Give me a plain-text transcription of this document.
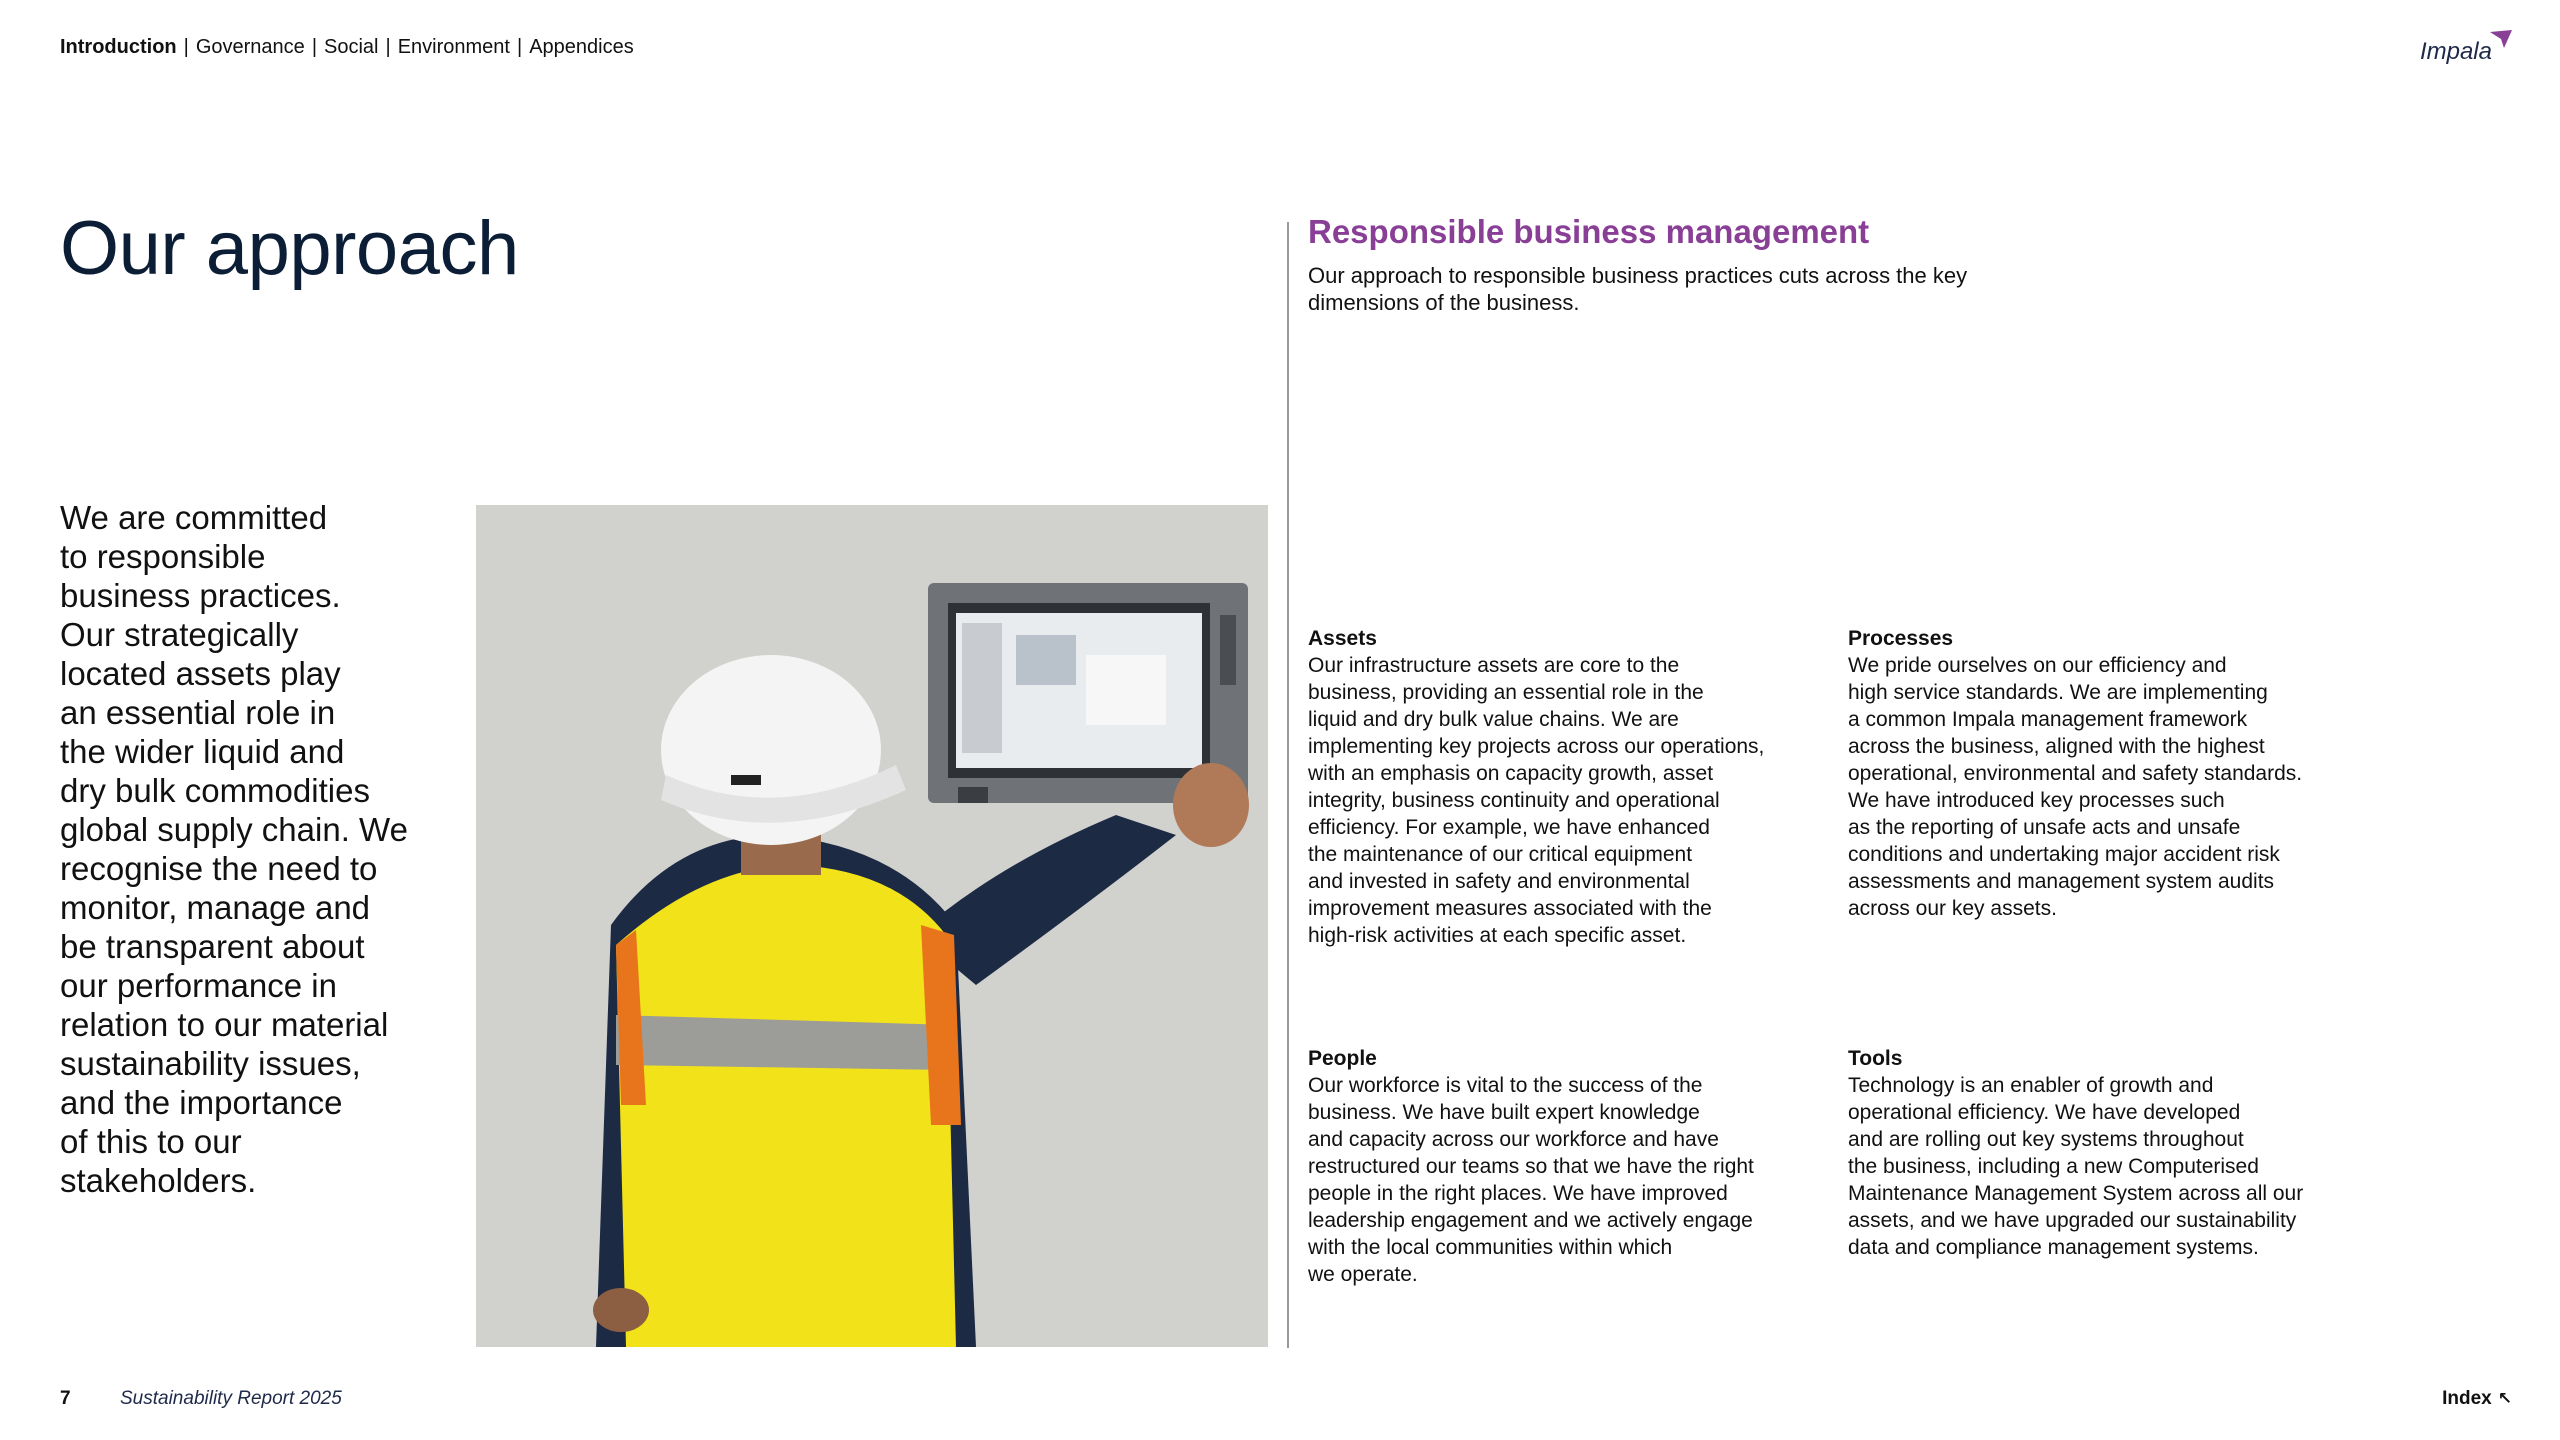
Introduction | Governance | Social | Environment | Appendices	Impala
Our approach

We are committed
to responsible
business practices.
Our strategically
located assets play
an essential role in
the wider liquid and
dry bulk commodities
global supply chain. We
recognise the need to
monitor, manage and
be transparent about
our performance in
relation to our material
sustainability issues,
and the importance
of this to our
stakeholders.

Responsible business management

Our approach to responsible business practices cuts across the key dimensions of the business.

Assets

Our infrastructure assets are core to the
business, providing an essential role in the
liquid and dry bulk value chains. We are
implementing key projects across our operations,
with an emphasis on capacity growth, asset
integrity, business continuity and operational
efficiency. For example, we have enhanced
the maintenance of our critical equipment
and invested in safety and environmental
improvement measures associated with the
high-risk activities at each specific asset.

Processes

We pride ourselves on our efficiency and
high service standards. We are implementing
a common Impala management framework
across the business, aligned with the highest
operational, environmental and safety standards.
We have introduced key processes such
as the reporting of unsafe acts and unsafe
conditions and undertaking major accident risk
assessments and management system audits
across our key assets.

People

Our workforce is vital to the success of the
business. We have built expert knowledge
and capacity across our workforce and have
restructured our teams so that we have the right
people in the right places. We have improved
leadership engagement and we actively engage
with the local communities within which
we operate.

Tools

Technology is an enabler of growth and
operational efficiency. We have developed
and are rolling out key systems throughout
the business, including a new Computerised
Maintenance Management System across all our
assets, and we have upgraded our sustainability
data and compliance management systems.

7	Sustainability Report 2025	Index ↖
